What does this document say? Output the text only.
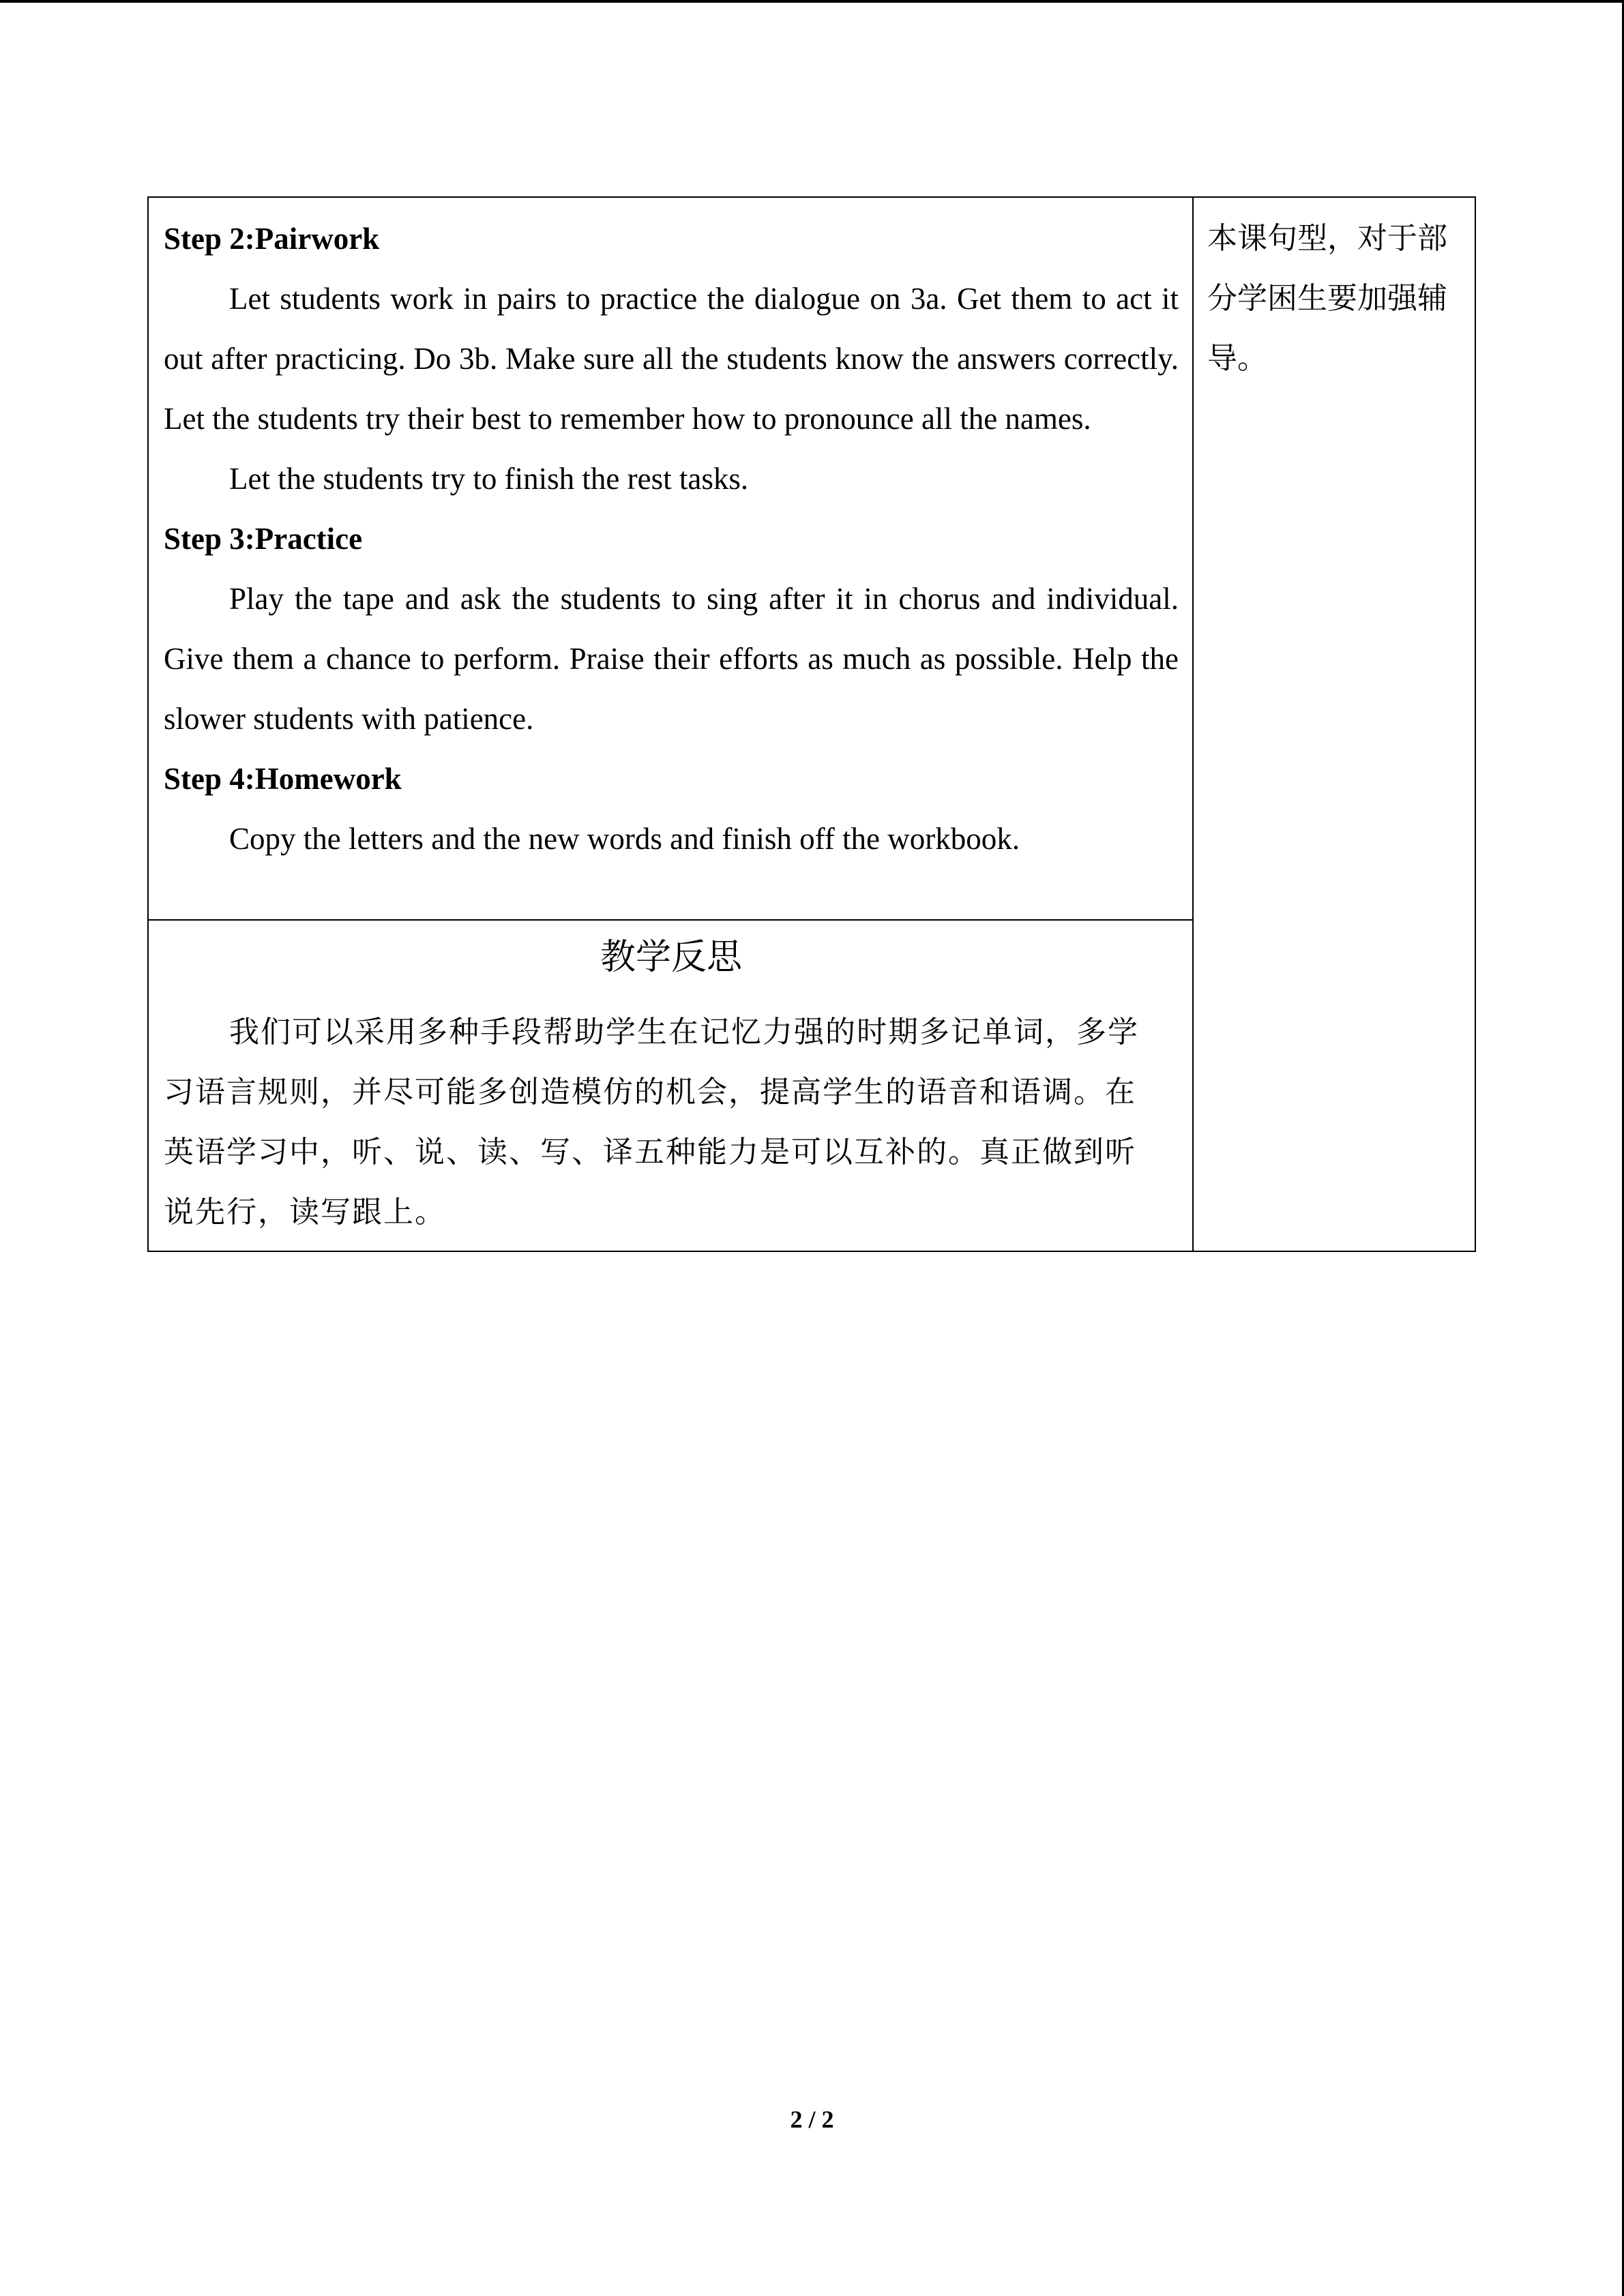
Step 2:Pairwork

Let students work in pairs to practice the dialogue on 3a. Get them to act it out after practicing. Do 3b. Make sure all the students know the answers correctly. Let the students try their best to remember how to pronounce all the names.

Let the students try to finish the rest tasks.

Step 3:Practice

Play the tape and ask the students to sing after it in chorus and individual. Give them a chance to perform. Praise their efforts as much as possible. Help the slower students with patience.

Step 4:Homework

Copy the letters and the new words and finish off the workbook.

本课句型，对于部分学困生要加强辅导。
教学反思

我们可以采用多种手段帮助学生在记忆力强的时期多记单词，多学习语言规则，并尽可能多创造模仿的机会，提高学生的语音和语调。在英语学习中，听、说、读、写、译五种能力是可以互补的。真正做到听说先行，读写跟上。

2 / 2
